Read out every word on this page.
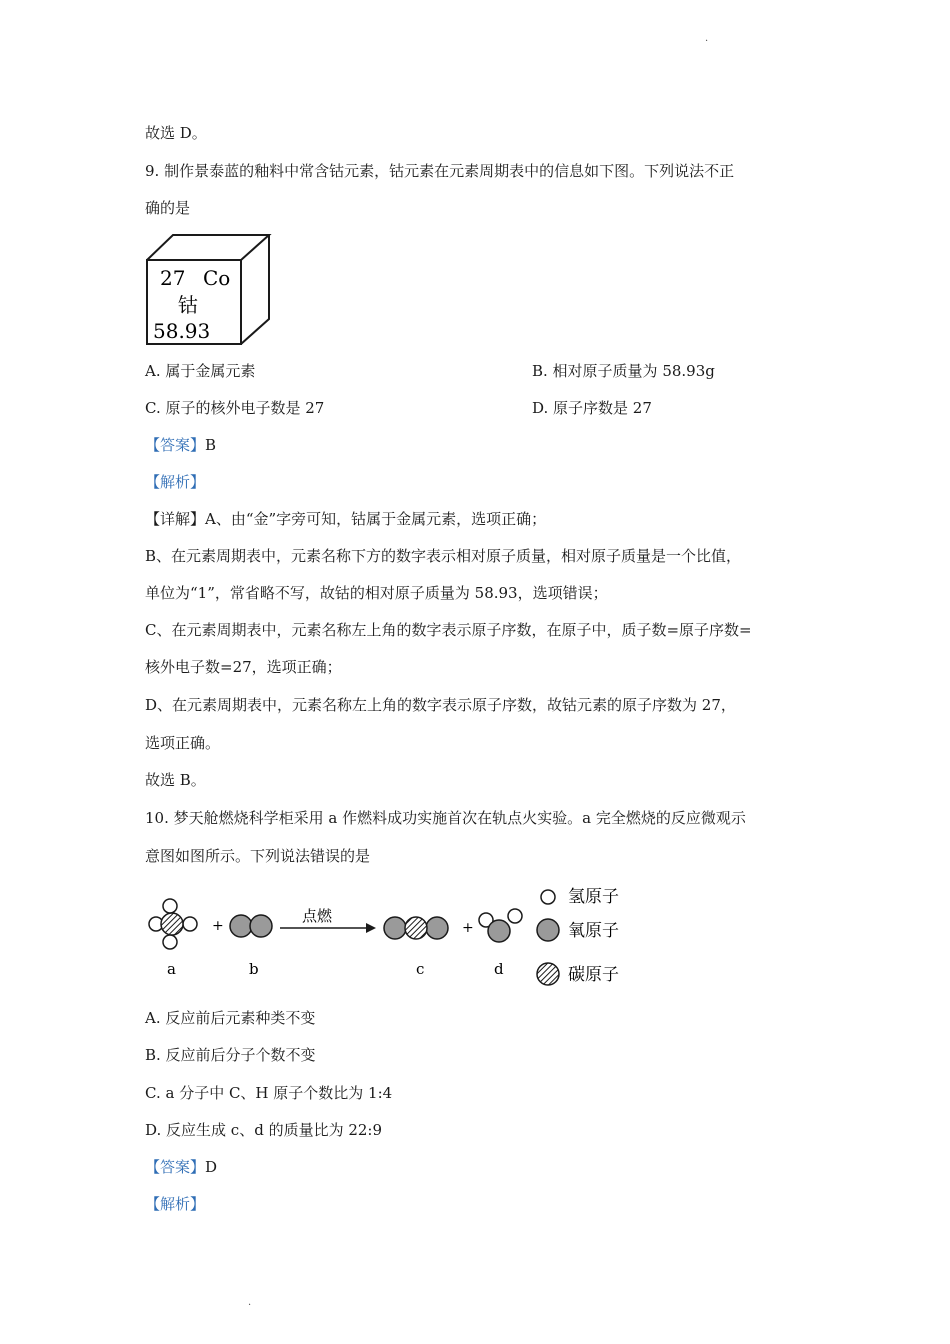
·
故选 D。
9. 制作景泰蓝的釉料中常含钴元素，钴元素在元素周期表中的信息如下图。下列说法不正
确的是
27 Co
钴
58.93
A. 属于金属元素	B. 相对原子质量为 58.93g
C. 原子的核外电子数是 27	D. 原子序数是 27
【答案】B
【解析】
【详解】A、由“金”字旁可知，钴属于金属元素，选项正确；
B、在元素周期表中，元素名称下方的数字表示相对原子质量，相对原子质量是一个比值，
单位为“1”，常省略不写，故钴的相对原子质量为 58.93，选项错误；
C、在元素周期表中，元素名称左上角的数字表示原子序数，在原子中，质子数=原子序数=
核外电子数=27，选项正确；
D、在元素周期表中，元素名称左上角的数字表示原子序数，故钴元素的原子序数为 27，
选项正确。
故选 B。
10. 梦天舱燃烧科学柜采用 a 作燃料成功实施首次在轨点火实验。a 完全燃烧的反应微观示
意图如图所示。下列说法错误的是
+
点燃
+
a	b	c	d
氢原子
氧原子
碳原子
A. 反应前后元素种类不变
B. 反应前后分子个数不变
C. a 分子中 C、H 原子个数比为 1:4
D. 反应生成 c、d 的质量比为 22:9
【答案】D
【解析】
·
